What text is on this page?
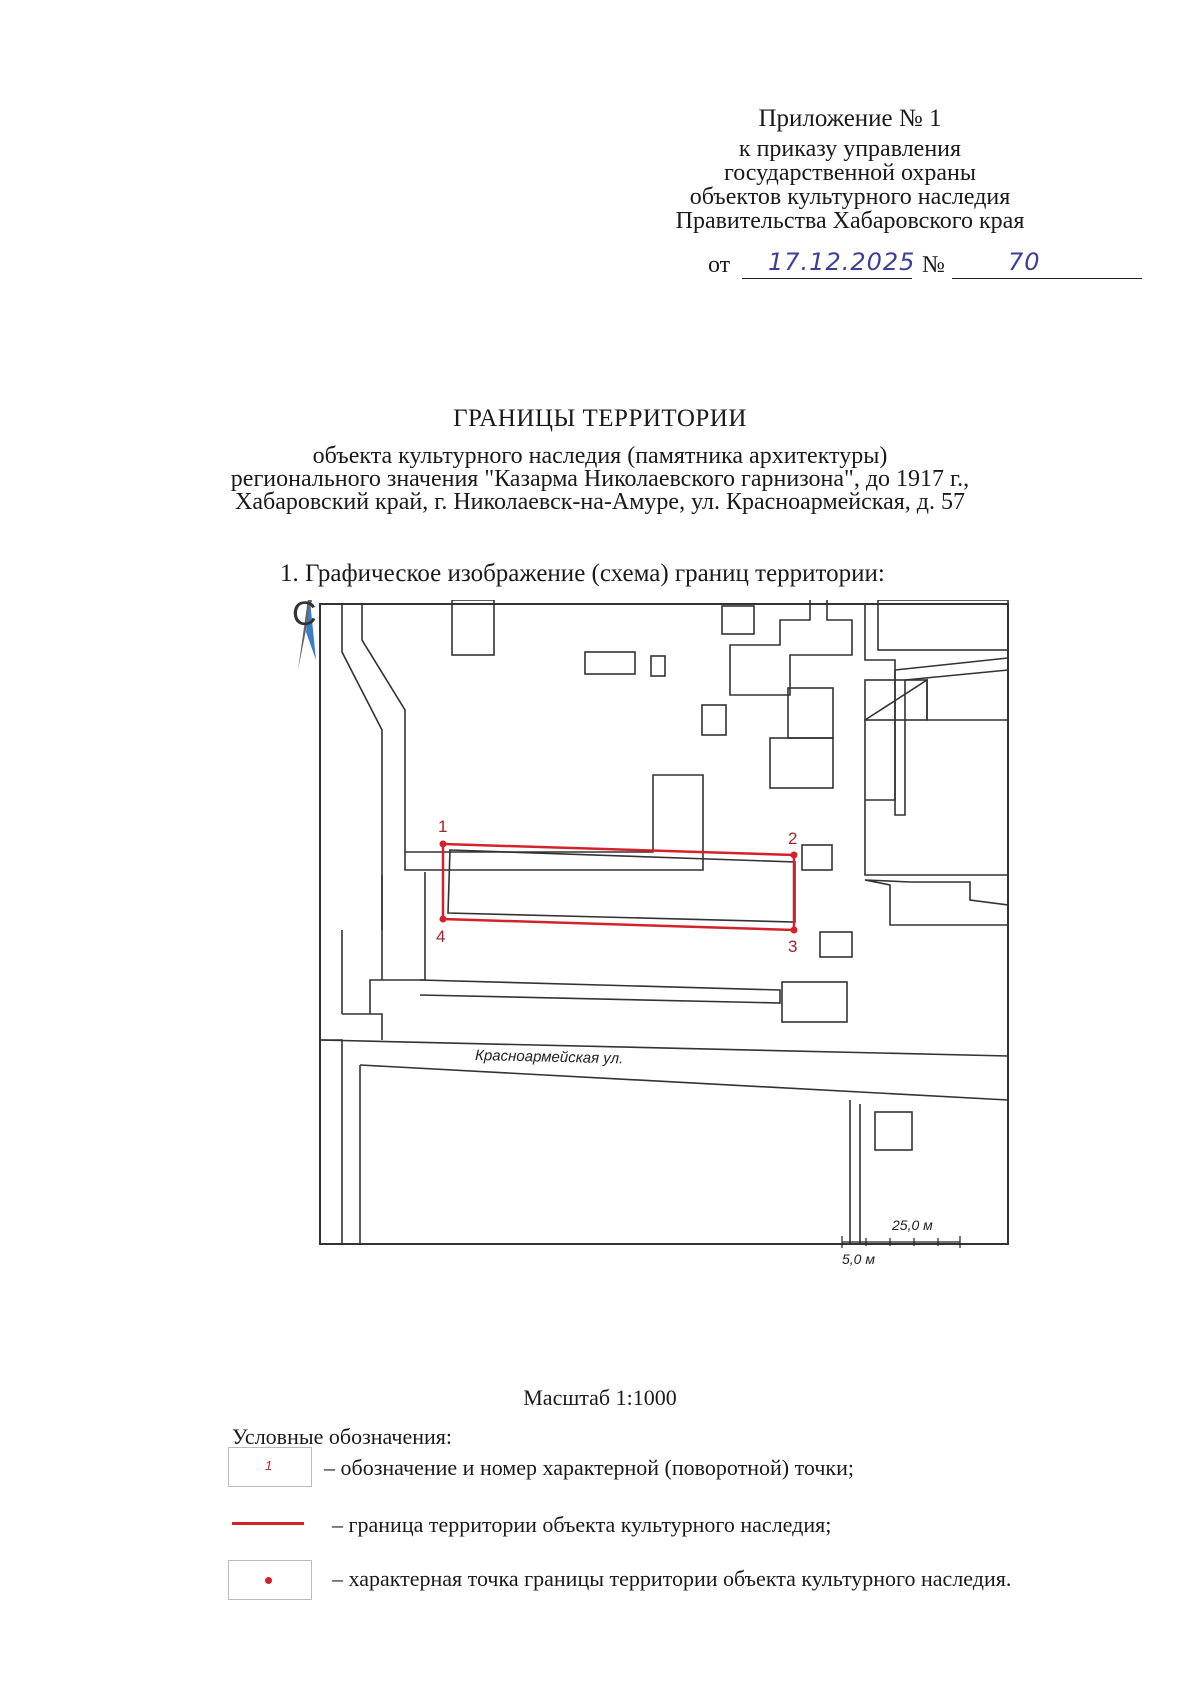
Приложение № 1
к приказу управления
государственной охраны
объектов культурного наследия
Правительства Хабаровского края
от 17.12.2025 №	70
ГРАНИЦЫ ТЕРРИТОРИИ
объекта культурного наследия (памятника архитектуры)
регионального значения "Казарма Николаевского гарнизона", до 1917 г.,
Хабаровский край, г. Николаевск-на-Амуре, ул. Красноармейская, д. 57
1. Графическое изображение (схема) границ территории:
1
2
3
4
Красноармейская ул.
С
25,0 м
5,0 м
Масштаб 1:1000
Условные обозначения:
1 – обозначение и номер характерной (поворотной) точки;
– граница территории объекта культурного наследия;
– характерная точка границы территории объекта культурного наследия.
